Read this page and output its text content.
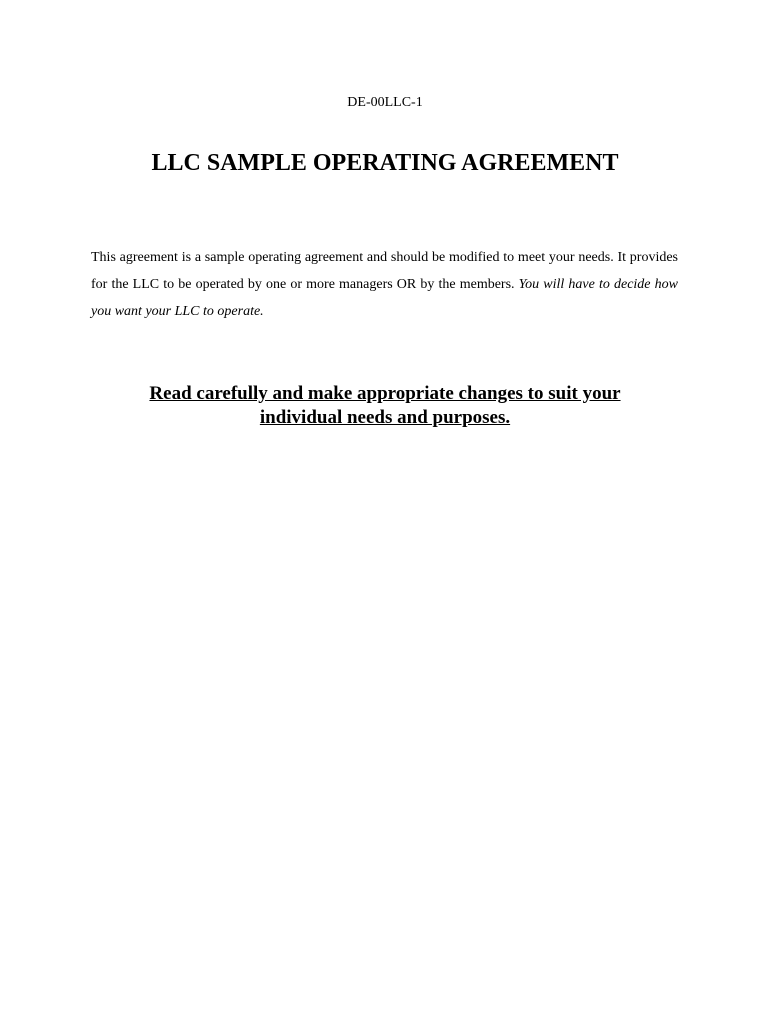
DE-00LLC-1
LLC SAMPLE OPERATING AGREEMENT

This agreement is a sample operating agreement and should be modified to meet your needs. It provides for the LLC to be operated by one or more managers OR by the members. You will have to decide how you want your LLC to operate.

Read carefully and make appropriate changes to suit your
individual needs and purposes.
